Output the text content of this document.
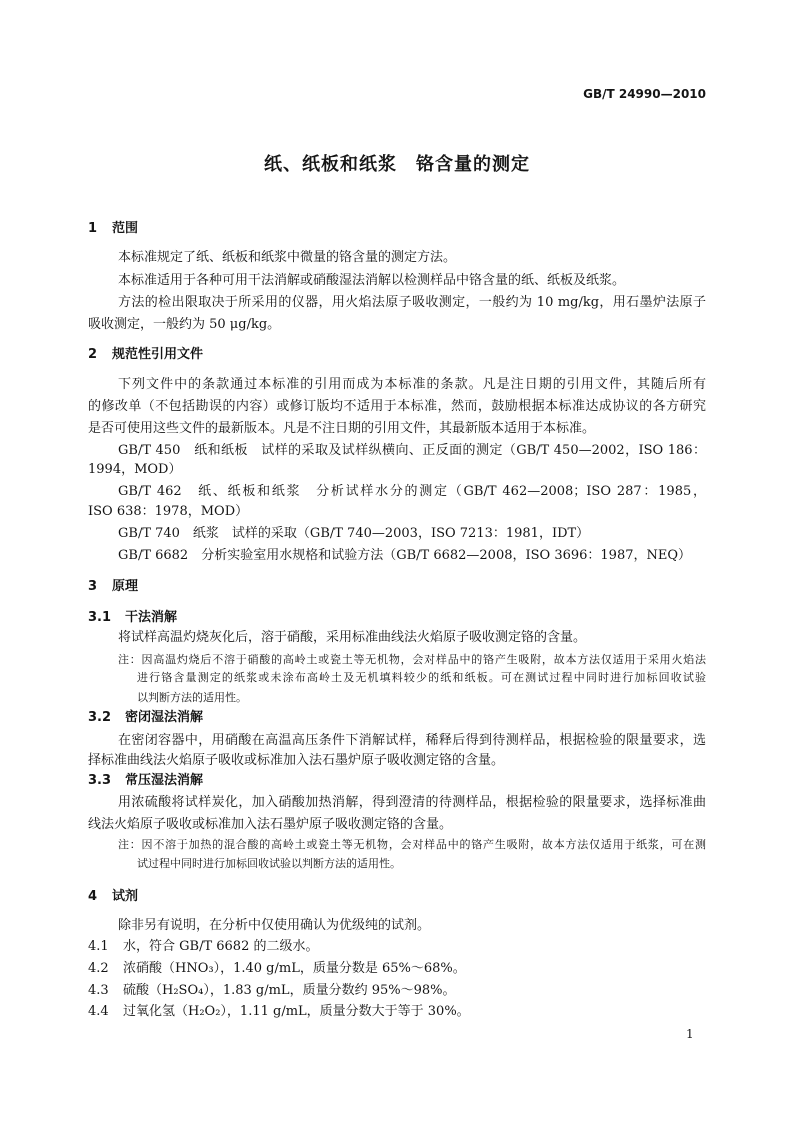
GB/T 24990—2010
纸、纸板和纸浆　铬含量的测定
1 范围
本标准规定了纸、纸板和纸浆中微量的铬含量的测定方法。
本标准适用于各种可用干法消解或硝酸湿法消解以检测样品中铬含量的纸、纸板及纸浆。
方法的检出限取决于所采用的仪器，用火焰法原子吸收测定，一般约为 10 mg/kg，用石墨炉法原子
吸收测定，一般约为 50 μg/kg。
2 规范性引用文件
下列文件中的条款通过本标准的引用而成为本标准的条款。凡是注日期的引用文件，其随后所有
的修改单（不包括勘误的内容）或修订版均不适用于本标准，然而，鼓励根据本标准达成协议的各方研究
是否可使用这些文件的最新版本。凡是不注日期的引用文件，其最新版本适用于本标准。
GB/T 450　纸和纸板　试样的采取及试样纵横向、正反面的测定（GB/T 450—2002，ISO 186：
1994，MOD）
GB/T 462　纸、纸板和纸浆　分析试样水分的测定（GB/T 462—2008；ISO 287：1985，
ISO 638：1978，MOD）
GB/T 740　纸浆　试样的采取（GB/T 740—2003，ISO 7213：1981，IDT）
GB/T 6682　分析实验室用水规格和试验方法（GB/T 6682—2008，ISO 3696：1987，NEQ）
3 原理
3.1 干法消解
将试样高温灼烧灰化后，溶于硝酸，采用标准曲线法火焰原子吸收测定铬的含量。
注：因高温灼烧后不溶于硝酸的高岭土或瓷土等无机物，会对样品中的铬产生吸附，故本方法仅适用于采用火焰法
进行铬含量测定的纸浆或未涂布高岭土及无机填料较少的纸和纸板。可在测试过程中同时进行加标回收试验
以判断方法的适用性。
3.2 密闭湿法消解
在密闭容器中，用硝酸在高温高压条件下消解试样，稀释后得到待测样品，根据检验的限量要求，选
择标准曲线法火焰原子吸收或标准加入法石墨炉原子吸收测定铬的含量。
3.3 常压湿法消解
用浓硫酸将试样炭化，加入硝酸加热消解，得到澄清的待测样品，根据检验的限量要求，选择标准曲
线法火焰原子吸收或标准加入法石墨炉原子吸收测定铬的含量。
注：因不溶于加热的混合酸的高岭土或瓷土等无机物，会对样品中的铬产生吸附，故本方法仅适用于纸浆，可在测
试过程中同时进行加标回收试验以判断方法的适用性。
4 试剂
除非另有说明，在分析中仅使用确认为优级纯的试剂。
4.1 水，符合 GB/T 6682 的二级水。
4.2 浓硝酸（HNO₃），1.40 g/mL，质量分数是 65%～68%。
4.3 硫酸（H₂SO₄），1.83 g/mL，质量分数约 95%～98%。
4.4 过氧化氢（H₂O₂），1.11 g/mL，质量分数大于等于 30%。
1
